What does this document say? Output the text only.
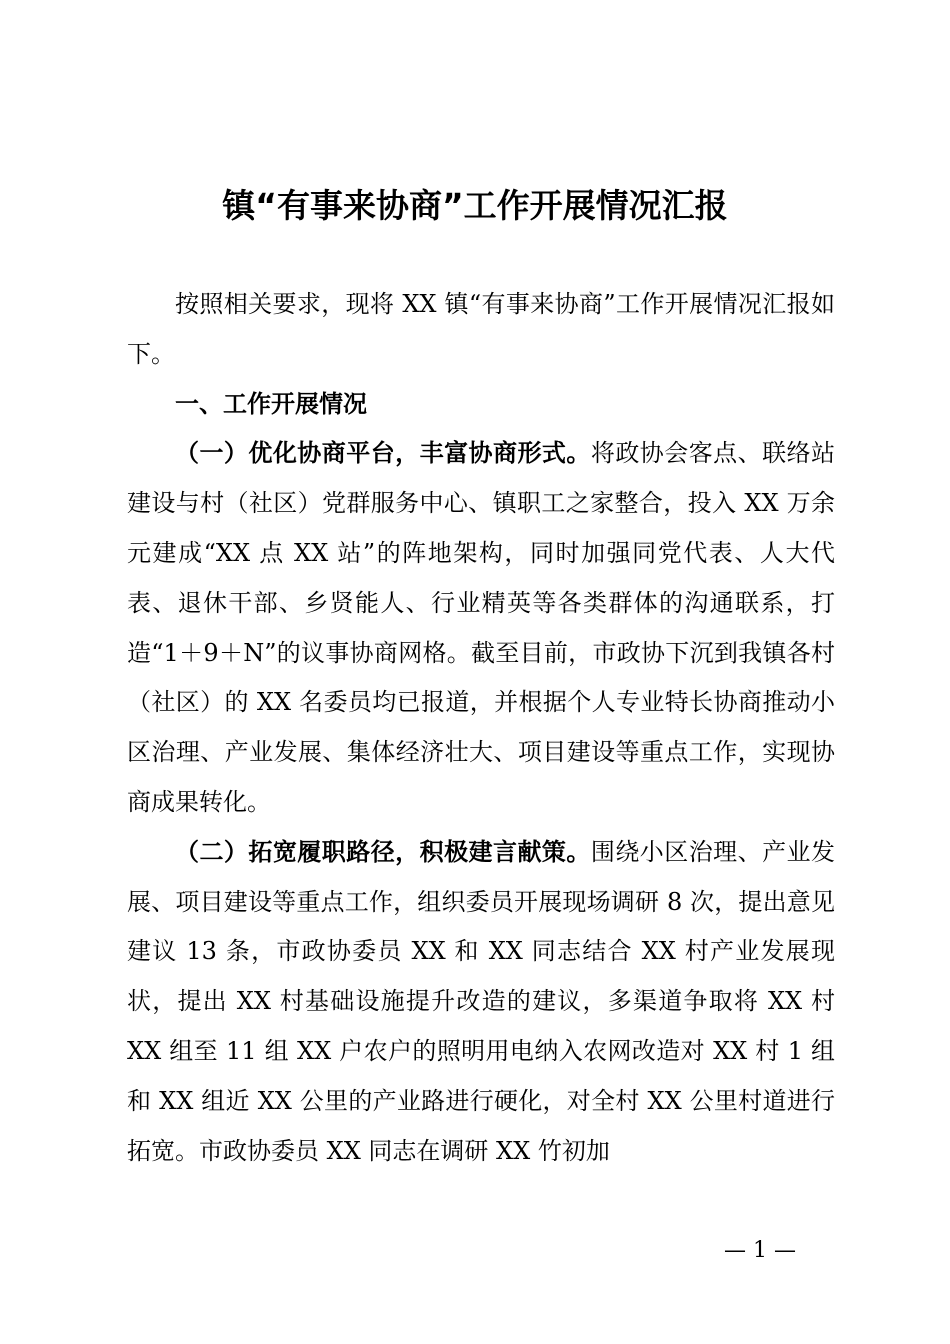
镇“有事来协商”工作开展情况汇报

按照相关要求，现将 XX 镇“有事来协商”工作开展情况汇报如下。

一、工作开展情况

（一）优化协商平台，丰富协商形式。将政协会客点、联络站建设与村（社区）党群服务中心、镇职工之家整合，投入 XX 万余元建成“XX 点 XX 站”的阵地架构，同时加强同党代表、人大代表、退休干部、乡贤能人、行业精英等各类群体的沟通联系，打造“1＋9＋N”的议事协商网格。截至目前，市政协下沉到我镇各村（社区）的 XX 名委员均已报道，并根据个人专业特长协商推动小区治理、产业发展、集体经济壮大、项目建设等重点工作，实现协商成果转化。

（二）拓宽履职路径，积极建言献策。围绕小区治理、产业发展、项目建设等重点工作，组织委员开展现场调研 8 次，提出意见建议 13 条，市政协委员 XX 和 XX 同志结合 XX 村产业发展现状，提出 XX 村基础设施提升改造的建议，多渠道争取将 XX 村 XX 组至 11 组 XX 户农户的照明用电纳入农网改造对 XX 村 1 组和 XX 组近 XX 公里的产业路进行硬化，对全村 XX 公里村道进行拓宽。市政协委员 XX 同志在调研 XX 竹初加

— 1 —
